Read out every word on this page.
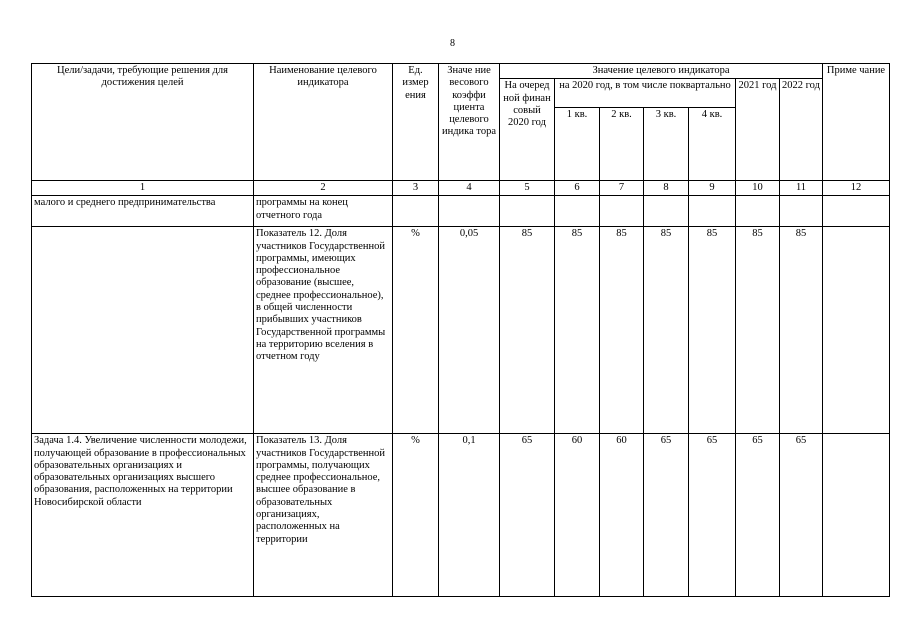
8
Цели/задачи, требующие решения для достижения целей	Наименование целевого индикатора	Ед. измер ения	Значе ние весового коэффи циента целевого индика тора	Значение целевого индикатора							Приме чание
				На очеред ной финан совый 2020 год	на 2020 год, в том числе поквартально				2021 год	2022 год	
					1 кв.	2 кв.	3 кв.	4 кв.			
1	2	3	4	5	6	7	8	9	10	11	12
малого и среднего предпринимательства	программы на конец отчетного года										
	Показатель 12. Доля участников Государственной программы, имеющих профессиональное образование (высшее, среднее профессиональное), в общей численности прибывших участников Государственной программы на территорию вселения в отчетном году	%	0,05	85	85	85	85	85	85	85	
Задача 1.4. Увеличение численности молодежи, получающей образование в профессиональных образовательных организациях и образовательных организациях высшего образования, расположенных на территории Новосибирской области	Показатель 13. Доля участников Государственной программы, получающих среднее профессиональное, высшее образование в образовательных организациях, расположенных на территории	%	0,1	65	60	60	65	65	65	65	
